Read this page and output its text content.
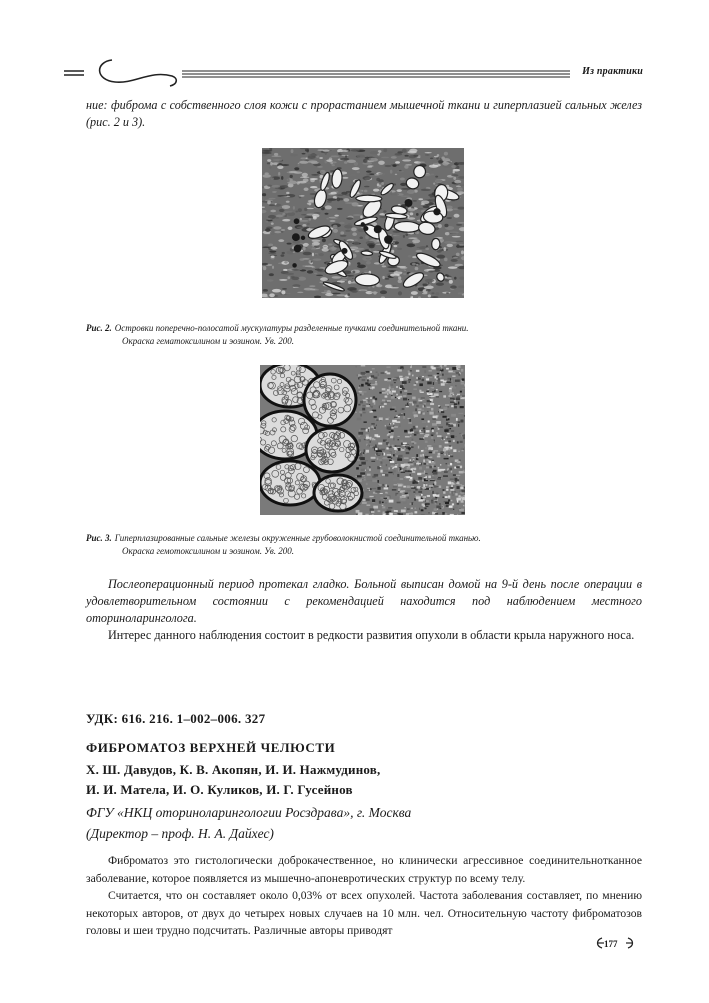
Из практики
ние: фиброма с собственного слоя кожи с прорастанием мышечной ткани и гиперплазией сальных желез (рис. 2 и 3).
Рис. 2. Островки поперечно-полосатой мускулатуры разделенные пучками соединительной ткани.
Окраска гематоксилином и эозином. Ув. 200.
Рис. 3. Гиперплазированные сальные железы окруженные грубоволокнистой соединительной тканью.
Окраска гемотоксилином и эозином. Ув. 200.
Послеоперационный период протекал гладко. Больной выписан домой на 9-й день после операции в удовлетворительном состоянии с рекомендацией находится под наблюдением местного оториноларинголога.
Интерес данного наблюдения состоит в редкости развития опухоли в области крыла наружного носа.
УДК: 616. 216. 1–002–006. 327
ФИБРОМАТОЗ ВЕРХНЕЙ ЧЕЛЮСТИ
Х. Ш. Давудов, К. В. Акопян, И. И. Нажмудинов,
И. И. Матела, И. О. Куликов, И. Г. Гусейнов
ФГУ «НКЦ оториноларингологии Росздрава», г. Москва
(Директор – проф. Н. А. Дайхес)
Фиброматоз это гистологически доброкачественное, но клинически агрессивное соединительнотканное заболевание, которое появляется из мышечно-апоневротических структур по всему телу.
Считается, что он составляет около 0,03% от всех опухолей. Частота заболевания составляет, по мнению некоторых авторов, от двух до четырех новых случаев на 10 млн. чел. Относительную частоту фиброматозов головы и шеи трудно подсчитать. Различные авторы приводят
177
